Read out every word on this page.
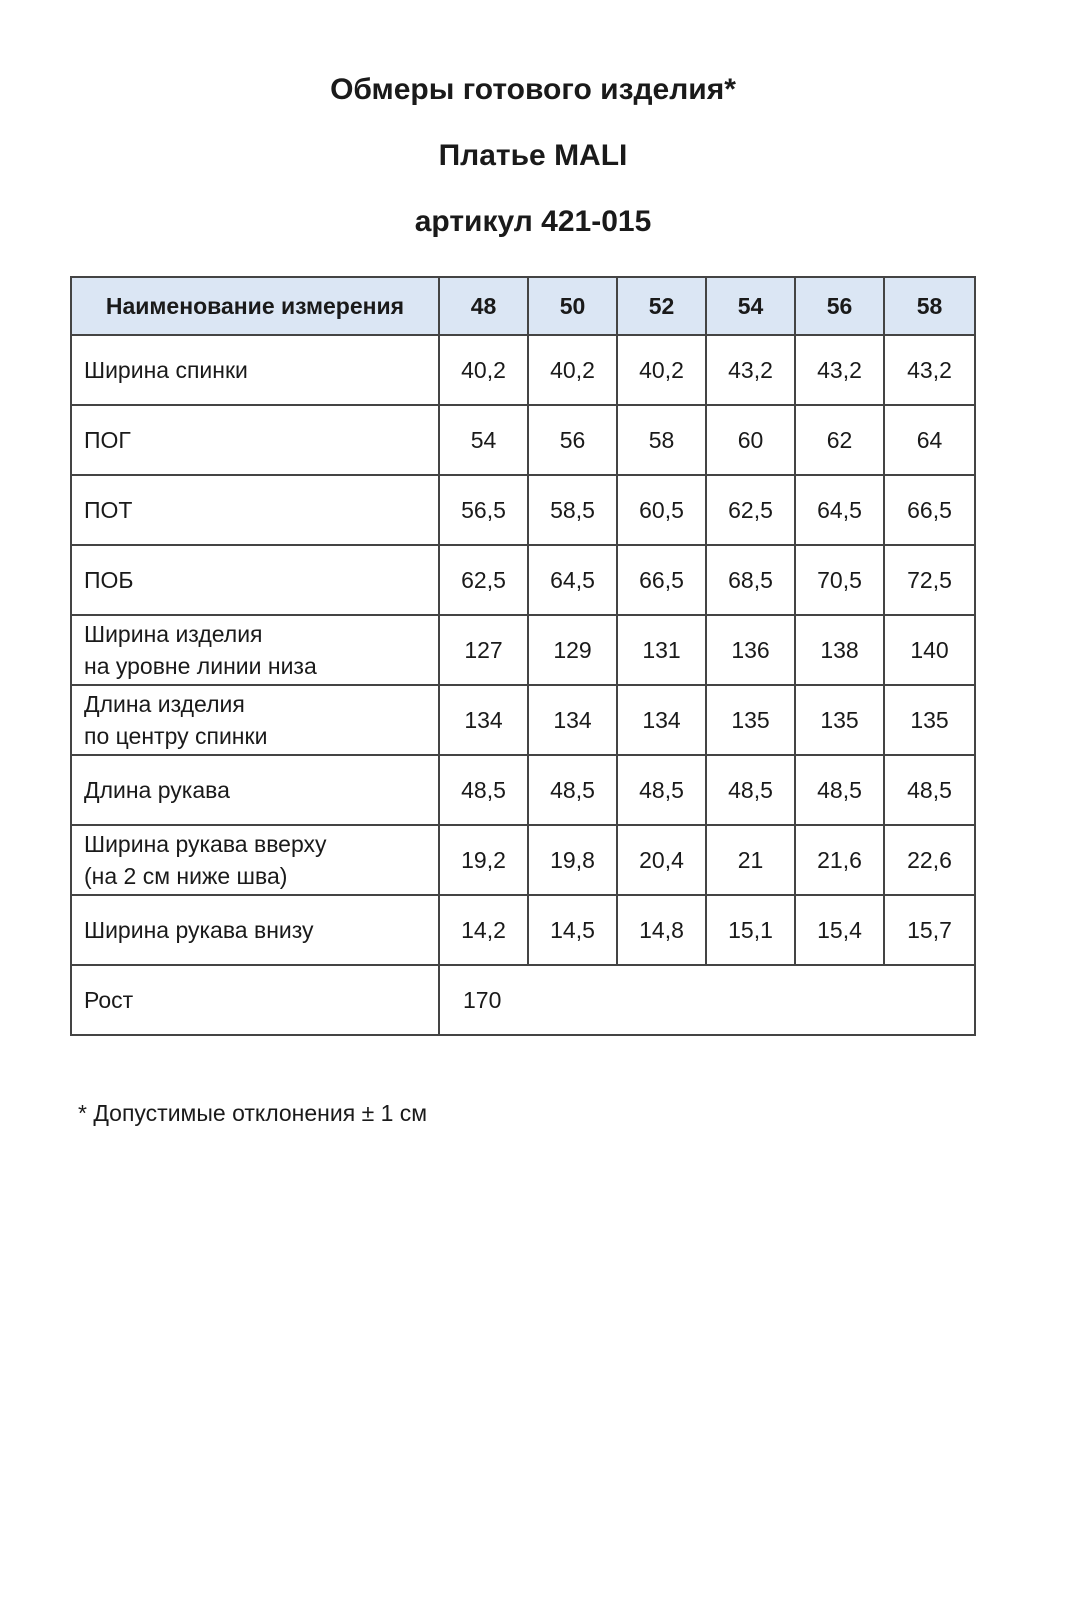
Обмеры готового изделия*
Платье MALI
артикул 421-015
Наименование измерения	48	50	52	54	56	58
Ширина спинки	40,2	40,2	40,2	43,2	43,2	43,2
ПОГ	54	56	58	60	62	64
ПОТ	56,5	58,5	60,5	62,5	64,5	66,5
ПОБ	62,5	64,5	66,5	68,5	70,5	72,5
Ширина изделия
на уровне линии низа	127	129	131	136	138	140
Длина изделия
по центру спинки	134	134	134	135	135	135
Длина рукава	48,5	48,5	48,5	48,5	48,5	48,5
Ширина рукава вверху
(на 2 см ниже шва)	19,2	19,8	20,4	21	21,6	22,6
Ширина рукава внизу	14,2	14,5	14,8	15,1	15,4	15,7
Рост	170					

* Допустимые отклонения ± 1 см
